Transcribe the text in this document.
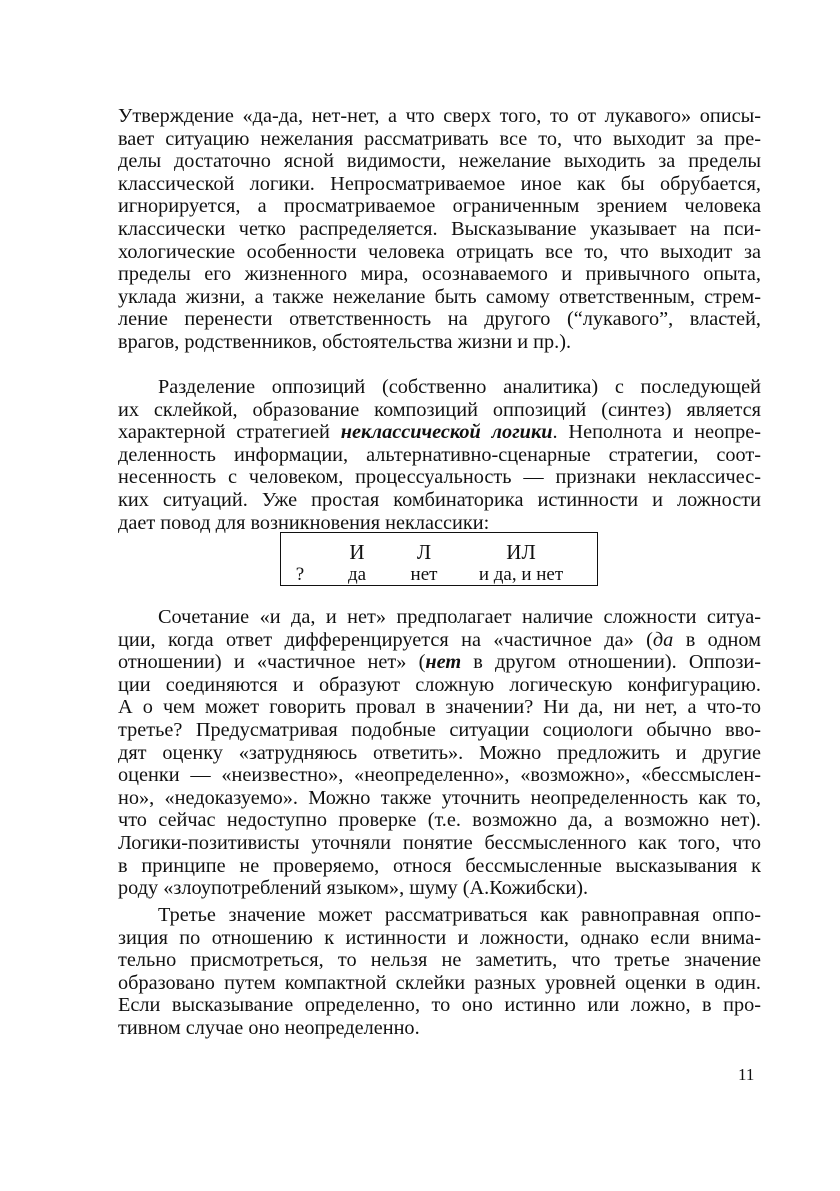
Утверждение «да-да, нет-нет, а что сверх того, то от лукавого» описы-
вает ситуацию нежелания рассматривать все то, что выходит за пре-
делы достаточно ясной видимости, нежелание выходить за пределы
классической логики. Непросматриваемое иное как бы обрубается,
игнорируется, а просматриваемое ограниченным зрением человека
классически четко распределяется. Высказывание указывает на пси-
хологические особенности человека отрицать все то, что выходит за
пределы его жизненного мира, осознаваемого и привычного опыта,
уклада жизни, а также нежелание быть самому ответственным, стрем-
ление перенести ответственность на другого (“лукавого”, властей,
врагов, родственников, обстоятельства жизни и пр.).
Разделение оппозиций (собственно аналитика) с последующей
их склейкой, образование композиций оппозиций (синтез) является
характерной стратегией неклассической логики. Неполнота и неопре-
деленность информации, альтернативно-сценарные стратегии, соот-
несенность с человеком, процессуальность — признаки неклассичес-
ких ситуаций. Уже простая комбинаторика истинности и ложности
дает повод для возникновения неклассики:
И Л	ИЛ
? да нет и да, и нет
Сочетание «и да, и нет» предполагает наличие сложности ситуа-
ции, когда ответ дифференцируется на «частичное да» (да в одном
отношении) и «частичное нет» (нет в другом отношении). Оппози-
ции соединяются и образуют сложную логическую конфигурацию.
А о чем может говорить провал в значении? Ни да, ни нет, а что-то
третье? Предусматривая подобные ситуации социологи обычно вво-
дят оценку «затрудняюсь ответить». Можно предложить и другие
оценки — «неизвестно», «неопределенно», «возможно», «бессмыслен-
но», «недоказуемо». Можно также уточнить неопределенность как то,
что сейчас недоступно проверке (т.е. возможно да, а возможно нет).
Логики-позитивисты уточняли понятие бессмысленного как того, что
в принципе не проверяемо, относя бессмысленные высказывания к
роду «злоупотреблений языком», шуму (А.Кожибски).
Третье значение может рассматриваться как равноправная оппо-
зиция по отношению к истинности и ложности, однако если внима-
тельно присмотреться, то нельзя не заметить, что третье значение
образовано путем компактной склейки разных уровней оценки в один.
Если высказывание определенно, то оно истинно или ложно, в про-
тивном случае оно неопределенно.
11
